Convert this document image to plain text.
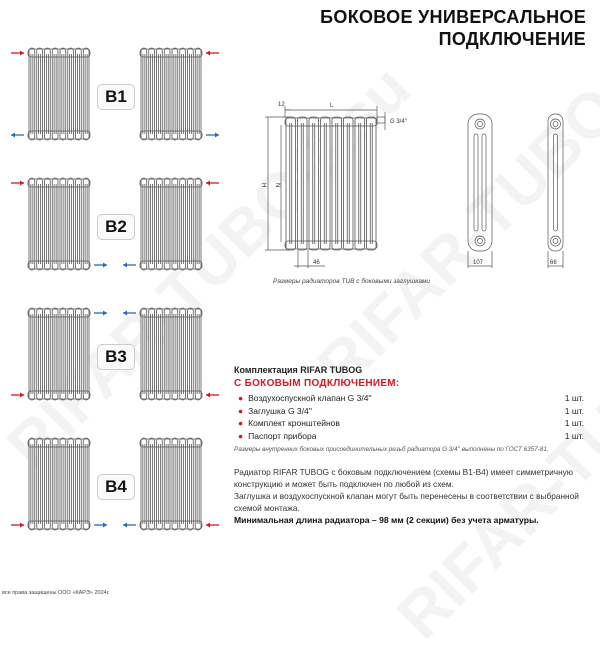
БОКОВОЕ УНИВЕРСАЛЬНОЕ
ПОДКЛЮЧЕНИЕ
B1
B2
B3
B4
12	L
H N
46
G 3/4''
107	66
Размеры радиаторов TUB с боковыми заглушками
Комплектация RIFAR TUBOG
С БОКОВЫМ ПОДКЛЮЧЕНИЕМ:
● Воздухоспускной клапан G 3/4''	1 шт.
● Заглушка G 3/4''	1 шт.
● Комплект кронштейнов	1 шт.
● Паспорт прибора	1 шт.
Размеры внутренних боковых присоединительных резьб радиатора G 3/4'' выполнены по ГОСТ 6357-81.
Радиатор RIFAR TUBOG с боковым подключением (схемы B1-B4) имеет симметричную конструкцию и может быть подключен по любой из схем.
Заглушка и воздухоспускной клапан могут быть перенесены в соответствии с выбранной схемой монтажа.
Минимальная длина радиатора – 98 мм (2 секции) без учета арматуры.
все права защищены ООО «КАРЭ» 2024г.
